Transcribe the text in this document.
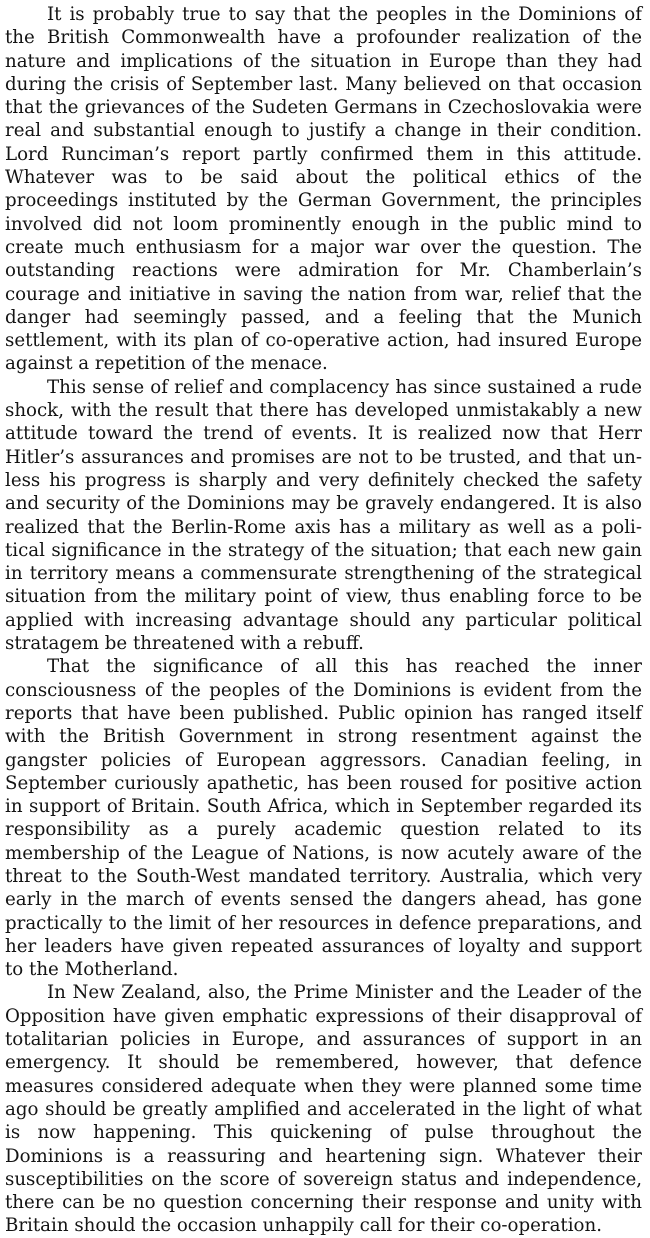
It is probably true to say that the peoples in the Dominions of the British Commonwealth have a profounder realization of the nature and implications of the situation in Europe than they had during the crisis of September last. Many believed on that occasion that the grievances of the Sudeten Germans in Czechoslovakia were real and substantial enough to justify a change in their condition. Lord Runciman’s report partly confirmed them in this attitude. Whatever was to be said about the political ethics of the proceedings instituted by the German Government, the principles involved did not loom prominently enough in the public mind to create much enthusiasm for a major war over the question. The outstanding reactions were admiration for Mr. Chamberlain’s courage and initiative in saving the nation from war, relief that the danger had seemingly passed, and a feeling that the Munich settlement, with its plan of co-operative action, had insured Europe against a repetition of the menace.

This sense of relief and complacency has since sustained a rude shock, with the result that there has developed unmistakably a new attitude toward the trend of events. It is realized now that Herr Hitler’s assurances and promises are not to be trusted, and that unless his progress is sharply and very definitely checked the safety and security of the Dominions may be gravely endangered. It is also realized that the Berlin-Rome axis has a military as well as a political significance in the strategy of the situation; that each new gain in territory means a commensurate strengthening of the strategical situation from the military point of view, thus enabling force to be applied with increasing advantage should any particular political stratagem be threatened with a rebuff.

That the significance of all this has reached the inner consciousness of the peoples of the Dominions is evident from the reports that have been published. Public opinion has ranged itself with the British Government in strong resentment against the gangster policies of European aggressors. Canadian feeling, in September curiously apathetic, has been roused for positive action in support of Britain. South Africa, which in September regarded its responsibility as a purely academic question related to its membership of the League of Nations, is now acutely aware of the threat to the South-West mandated territory. Australia, which very early in the march of events sensed the dangers ahead, has gone practically to the limit of her resources in defence preparations, and her leaders have given repeated assurances of loyalty and support to the Motherland.

In New Zealand, also, the Prime Minister and the Leader of the Opposition have given emphatic expressions of their disapproval of totalitarian policies in Europe, and assurances of support in an emergency. It should be remembered, however, that defence measures considered adequate when they were planned some time ago should be greatly amplified and accelerated in the light of what is now happening. This quickening of pulse throughout the Dominions is a reassuring and heartening sign. Whatever their susceptibilities on the score of sovereign status and independence, there can be no question concerning their response and unity with Britain should the occasion unhappily call for their co-operation.
